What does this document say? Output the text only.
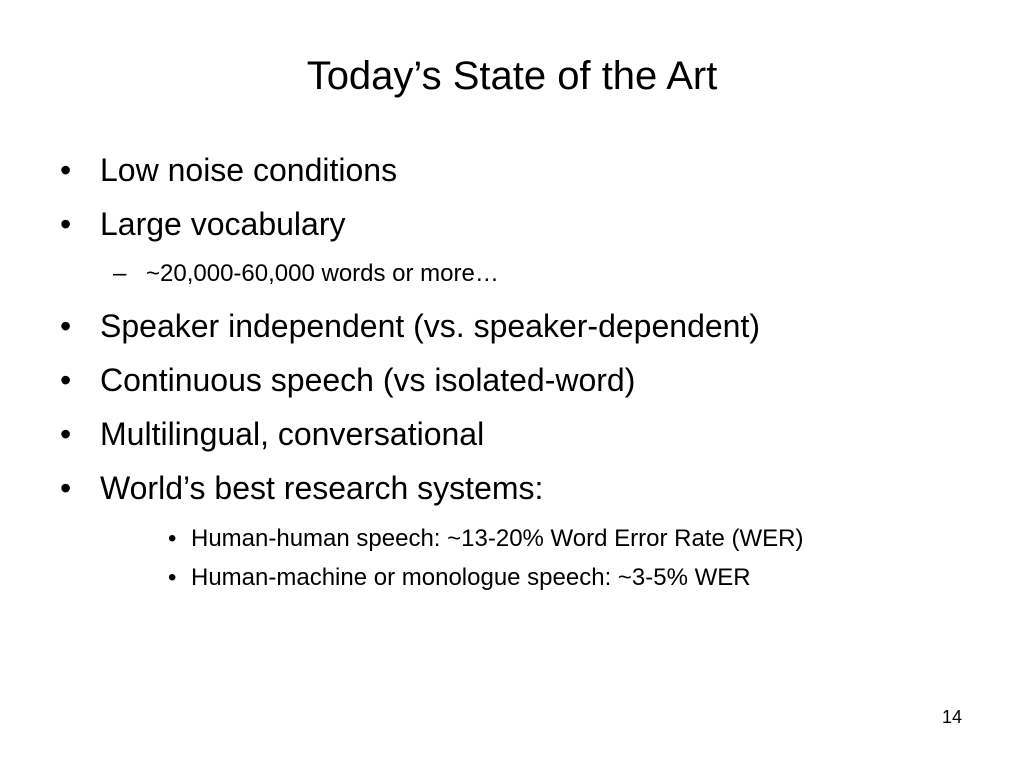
Today’s State of the Art
• Low noise conditions
• Large vocabulary
– ~20,000-60,000 words or more…
• Speaker independent (vs. speaker-dependent)
• Continuous speech (vs isolated-word)
• Multilingual, conversational
• World’s best research systems:
• Human-human speech: ~13-20% Word Error Rate (WER)
• Human-machine or monologue speech: ~3-5% WER
14
